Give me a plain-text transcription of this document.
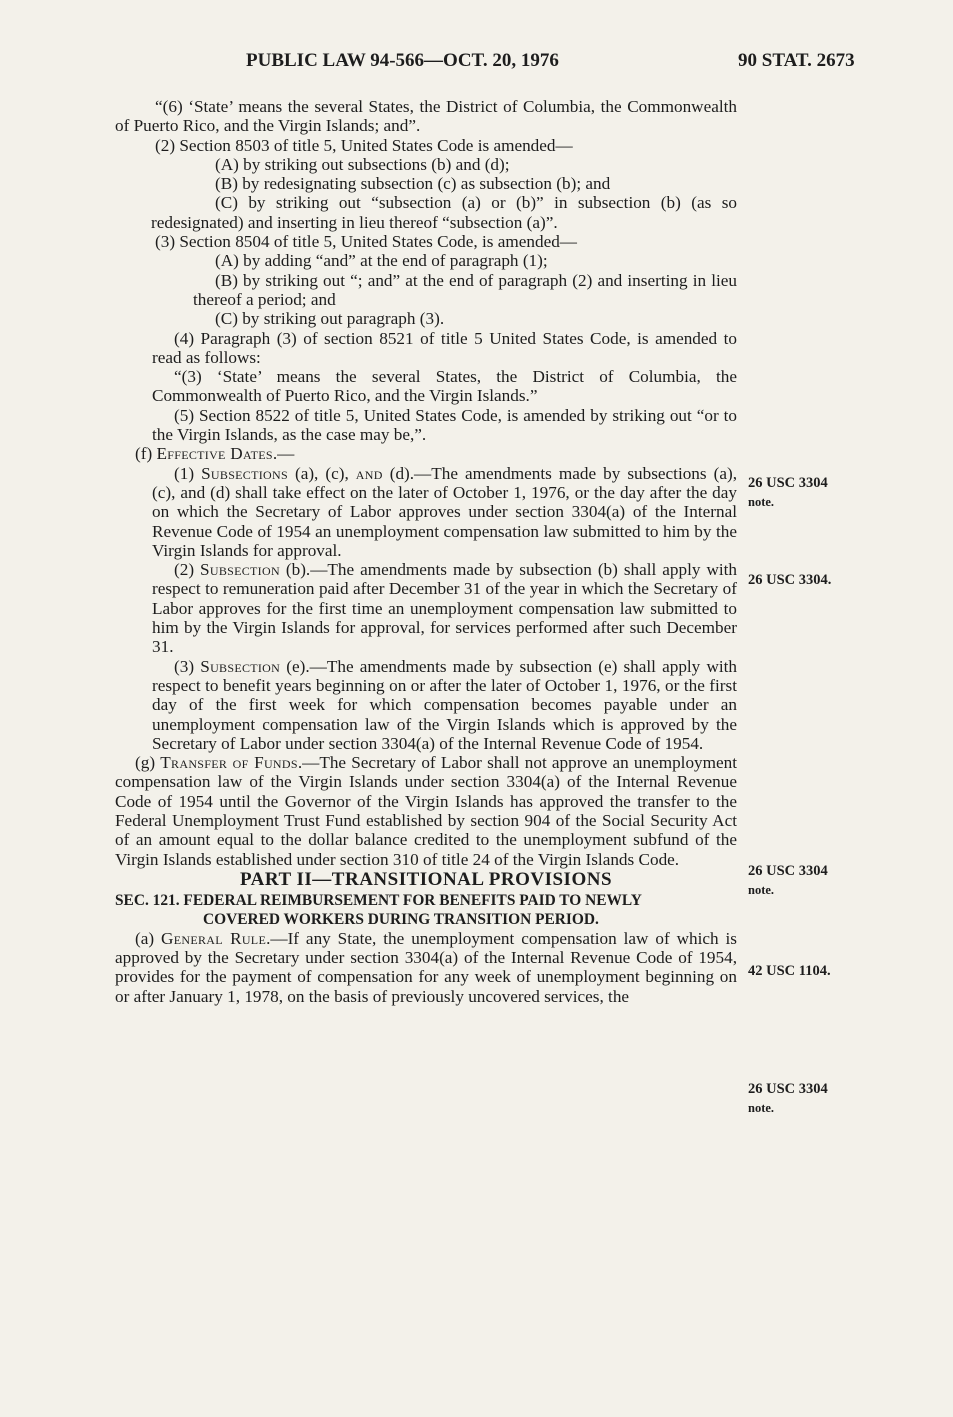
PUBLIC LAW 94-566—OCT. 20, 1976	90 STAT. 2673

“(6) ‘State’ means the several States, the District of Columbia, the Commonwealth of Puerto Rico, and the Virgin Islands; and”.

(2) Section 8503 of title 5, United States Code is amended—

(A) by striking out subsections (b) and (d);

(B) by redesignating subsection (c) as subsection (b); and

(C) by striking out “subsection (a) or (b)” in subsection (b) (as so redesignated) and inserting in lieu thereof “subsection (a)”.

(3) Section 8504 of title 5, United States Code, is amended—

(A) by adding “and” at the end of paragraph (1);

(B) by striking out “; and” at the end of paragraph (2) and inserting in lieu thereof a period; and

(C) by striking out paragraph (3).

(4) Paragraph (3) of section 8521 of title 5 United States Code, is amended to read as follows:

“(3) ‘State’ means the several States, the District of Columbia, the Commonwealth of Puerto Rico, and the Virgin Islands.”

(5) Section 8522 of title 5, United States Code, is amended by striking out “or to the Virgin Islands, as the case may be,”.

(f) Effective Dates.—

(1) Subsections (a), (c), and (d).—The amendments made by subsections (a), (c), and (d) shall take effect on the later of October 1, 1976, or the day after the day on which the Secretary of Labor approves under section 3304(a) of the Internal Revenue Code of 1954 an unemployment compensation law submitted to him by the Virgin Islands for approval.

(2) Subsection (b).—The amendments made by subsection (b) shall apply with respect to remuneration paid after December 31 of the year in which the Secretary of Labor approves for the first time an unemployment compensation law submitted to him by the Virgin Islands for approval, for services performed after such December 31.

(3) Subsection (e).—The amendments made by subsection (e) shall apply with respect to benefit years beginning on or after the later of October 1, 1976, or the first day of the first week for which compensation becomes payable under an unemployment compensation law of the Virgin Islands which is approved by the Secretary of Labor under section 3304(a) of the Internal Revenue Code of 1954.

(g) Transfer of Funds.—The Secretary of Labor shall not approve an unemployment compensation law of the Virgin Islands under section 3304(a) of the Internal Revenue Code of 1954 until the Governor of the Virgin Islands has approved the transfer to the Federal Unemployment Trust Fund established by section 904 of the Social Security Act of an amount equal to the dollar balance credited to the unemployment subfund of the Virgin Islands established under section 310 of title 24 of the Virgin Islands Code.

PART II—TRANSITIONAL PROVISIONS

SEC. 121. FEDERAL REIMBURSEMENT FOR BENEFITS PAID TO NEWLY
COVERED WORKERS DURING TRANSITION PERIOD.

(a) General Rule.—If any State, the unemployment compensation law of which is approved by the Secretary under section 3304(a) of the Internal Revenue Code of 1954, provides for the payment of compensation for any week of unemployment beginning on or after January 1, 1978, on the basis of previously uncovered services, the

26 USC 3304
note.
26 USC 3304.
26 USC 3304
note.
42 USC 1104.
26 USC 3304
note.
